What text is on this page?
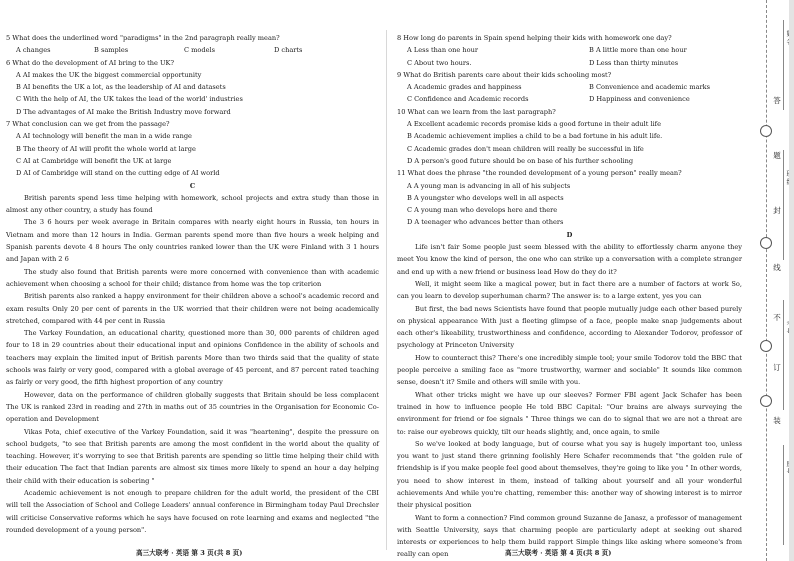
5 What does the underlined word "paradigms" in the 2nd paragraph really mean?
A changes	B samples	C models	D charts
6 What do the development of AI bring to the UK?
A AI makes the UK the biggest commercial opportunity
B AI benefits the UK a lot, as the leadership of AI and datasets
C With the help of AI, the UK takes the lead of the world' industries
D The advantages of AI make the British Industry move forward
7 What conclusion can we get from the passage?
A AI technology will benefit the man in a wide range
B The theory of AI will profit the whole world at large
C AI at Cambridge will benefit the UK at large
D AI of Cambridge will stand on the cutting edge of AI world
C
British parents spend less time helping with homework, school projects and extra study than those in almost any other country, a study has found
The 3 6 hours per week average in Britain compares with nearly eight hours in Russia, ten hours in Vietnam and more than 12 hours in India. German parents spend more than five hours a week helping and Spanish parents devote 4 8 hours The only countries ranked lower than the UK were Finland with 3 1 hours and Japan with 2 6
The study also found that British parents were more concerned with convenience than with academic achievement when choosing a school for their child; distance from home was the top criterion
British parents also ranked a happy environment for their children above a school's academic record and exam results Only 20 per cent of parents in the UK worried that their children were not being academically stretched, compared with 44 per cent in Russia
The Varkey Foundation, an educational charity, questioned more than 30, 000 parents of children aged four to 18 in 29 countries about their educational input and opinions Confidence in the ability of schools and teachers may explain the limited input of British parents More than two thirds said that the quality of state schools was fairly or very good, compared with a global average of 45 percent, and 87 percent rated teaching as fairly or very good, the fifth highest proportion of any country
However, data on the performance of children globally suggests that Britain should be less complacent The UK is ranked 23rd in reading and 27th in maths out of 35 countries in the Organisation for Economic Co-operation and Development
Vikas Pota, chief executive of the Varkey Foundation, said it was "heartening", despite the pressure on school budgets, "to see that British parents are among the most confident in the world about the quality of teaching. However, it's worrying to see that British parents are spending so little time helping their child with their education The fact that Indian parents are almost six times more likely to spend an hour a day helping their child with their education is sobering "
Academic achievement is not enough to prepare children for the adult world, the president of the CBI will tell the Association of School and College Leaders' annual conference in Birmingham today Paul Drechsler will criticise Conservative reforms which he says have focused on rote learning and exams and neglected "the rounded development of a young person".
8 How long do parents in Spain spend helping their kids with homework one day?
A Less than one hour	B A little more than one hour
C About two hours.	D Less than thirty minutes
9 What do British parents care about their kids schooling most?
A Academic grades and happiness	B Convenience and academic marks
C Confidence and Academic records	D Happiness and convenience
10 What can we learn from the last paragraph?
A Excellent academic records promise kids a good fortune in their adult life
B Academic achievement implies a child to be a bad fortune in his adult life.
C Academic grades don't mean children will really be successful in life
D A person's good future should be on base of his further schooling
11 What does the phrase "the rounded development of a young person" really mean?
A A young man is advancing in all of his subjects
B A youngster who develops well in all aspects
C A young man who develops here and there
D A teenager who advances better than others
D
Life isn't fair Some people just seem blessed with the ability to effortlessly charm anyone they meet You know the kind of person, the one who can strike up a conversation with a complete stranger and end up with a new friend or business lead How do they do it?
Well, it might seem like a magical power, but in fact there are a number of factors at work So, can you learn to develop superhuman charm? The answer is: to a large extent, yes you can
But first, the bad news Scientists have found that people mutually judge each other based purely on physical appearance With just a fleeting glimpse of a face, people make snap judgements about each other's likeability, trustworthiness and confidence, according to Alexander Todorov, professor of psychology at Princeton University
How to counteract this? There's one incredibly simple tool; your smile Todorov told the BBC that people perceive a smiling face as "more trustworthy, warmer and sociable" It sounds like common sense, doesn't it? Smile and others will smile with you.
What other tricks might we have up our sleeves? Former FBI agent Jack Schafer has been trained in how to influence people He told BBC Capital: "Our brains are always surveying the environment for friend or foe signals " Three things we can do to signal that we are not a threat are to: raise our eyebrows quickly, tilt our heads slightly, and, once again, to smile
So we've looked at body language, but of course what you say is hugely important too, unless you want to just stand there grinning foolishly Here Schafer recommends that "the golden rule of friendship is if you make people feel good about themselves, they're going to like you " In other words, you need to show interest in them, instead of talking about yourself and all your wonderful achievements And while you're chatting, remember this: another way of showing interest is to mirror their physical position
Want to form a connection? Find common ground Suzanne de Janasz, a professor of management with Seattle University, says that charming people are particularly adept at seeking out shared interests or experiences to help them build rapport Simple things like asking where someone's from really can open
高三大联考 · 英语 第 3 页(共 8 页)	高三大联考 · 英语 第 4 页(共 8 页)
答
题
封
线
不
订
装
